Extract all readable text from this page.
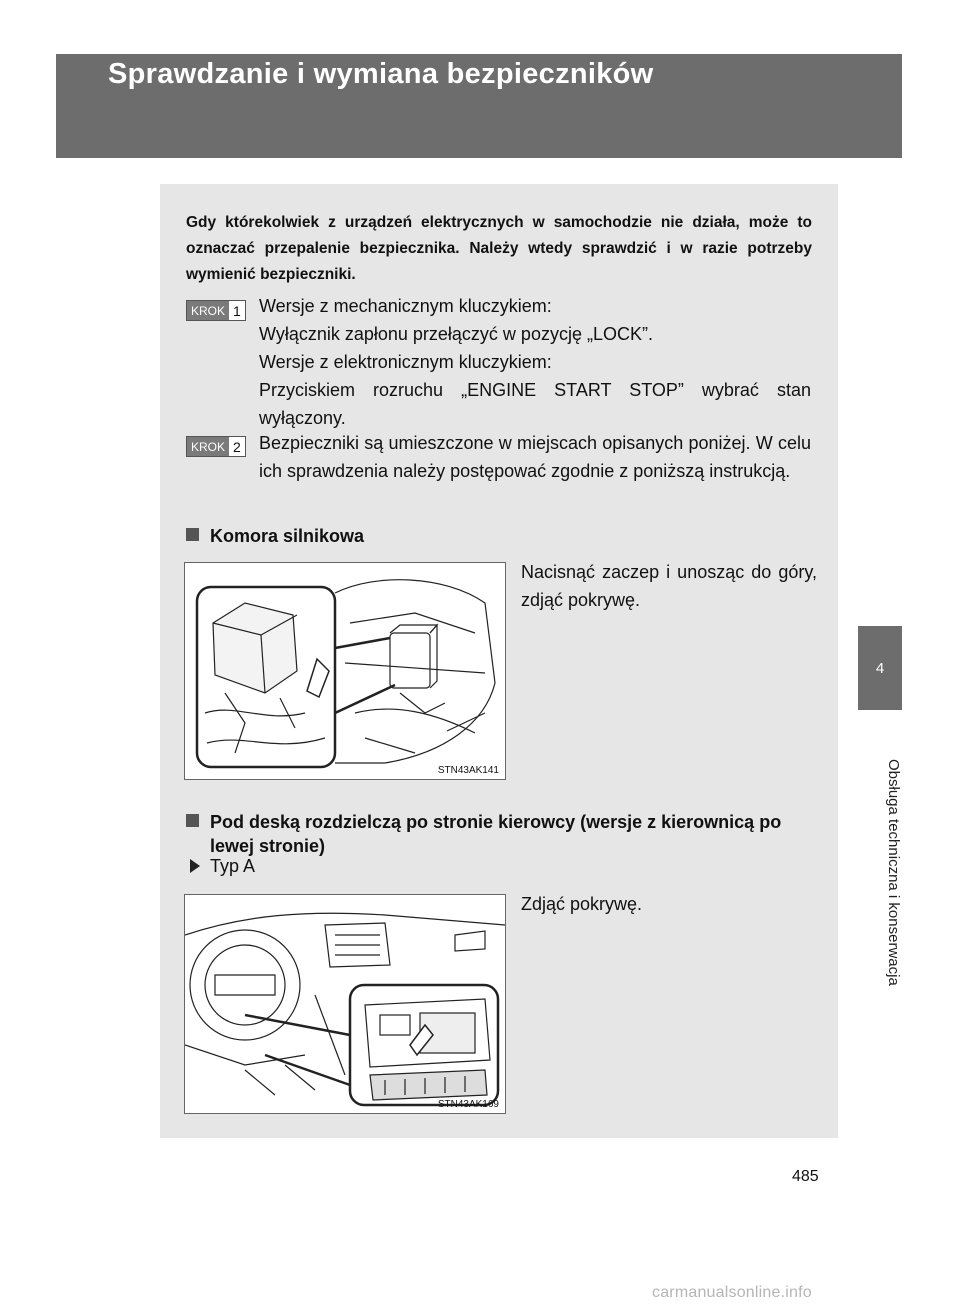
4-3. Czynności serwisowe do wykonania we własnym zakresie
Sprawdzanie i wymiana bezpieczników
4
Obsługa techniczna i konserwacja
Gdy którekolwiek z urządzeń elektrycznych w samochodzie nie działa, może to oznaczać przepalenie bezpiecznika. Należy wtedy sprawdzić i w razie potrzeby wymienić bezpieczniki.
KROK 1 Wersje z mechanicznym kluczykiem:
Wyłącznik zapłonu przełączyć w pozycję „LOCK”.
Wersje z elektronicznym kluczykiem:
Przyciskiem rozruchu „ENGINE START STOP” wybrać stan wyłączony.
KROK 2 Bezpieczniki są umieszczone w miejscach opisanych poniżej. W celu ich sprawdzenia należy postępować zgodnie z poniższą instrukcją.
Komora silnikowa
STN43AK141
Nacisnąć zaczep i unosząc do góry, zdjąć pokrywę.
Pod deską rozdzielczą po stronie kierowcy (wersje z kierownicą po lewej stronie)
Typ A
STN43AK169
Zdjąć pokrywę.
485
carmanualsonline.info
